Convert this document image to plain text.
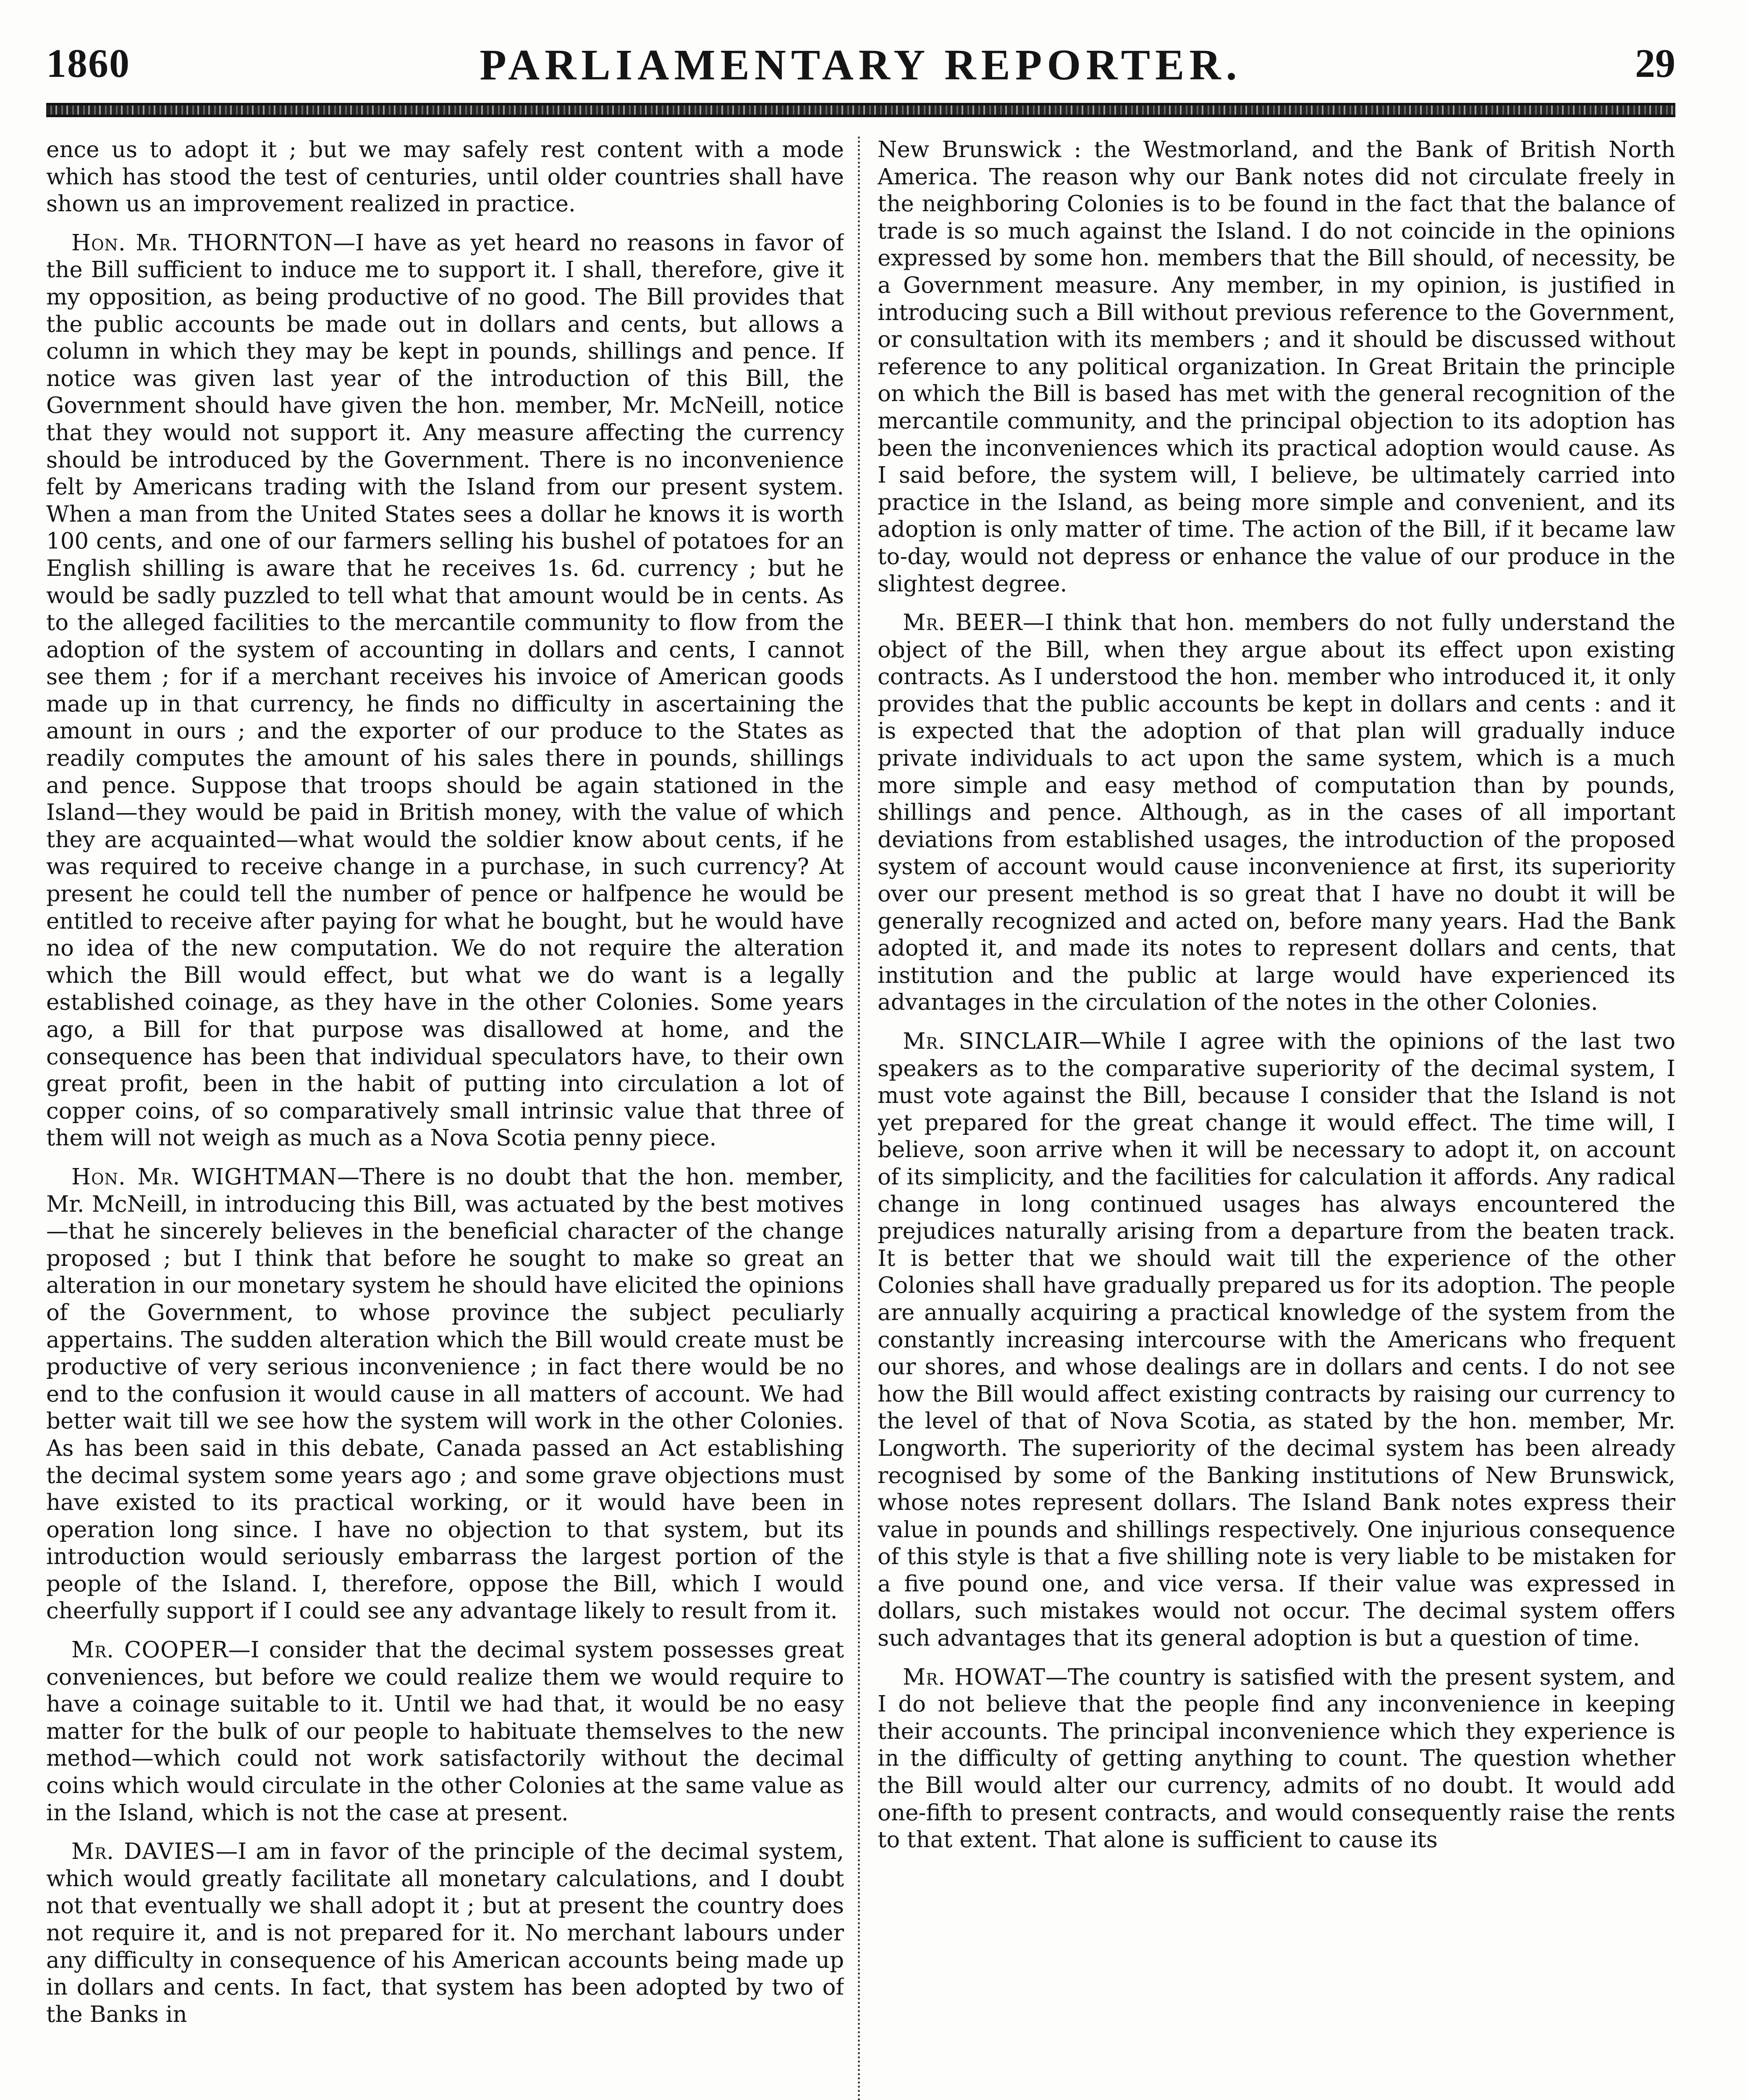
1860	PARLIAMENTARY REPORTER.	29

ence us to adopt it ; but we may safely rest content with a mode which has stood the test of centuries, until older countries shall have shown us an improvement realized in practice.

Hon. Mr. THORNTON—I have as yet heard no reasons in favor of the Bill sufficient to induce me to support it. I shall, therefore, give it my opposition, as being productive of no good. The Bill provides that the public accounts be made out in dollars and cents, but allows a column in which they may be kept in pounds, shillings and pence. If notice was given last year of the introduction of this Bill, the Government should have given the hon. member, Mr. McNeill, notice that they would not support it. Any measure affecting the currency should be introduced by the Government. There is no inconvenience felt by Americans trading with the Island from our present system. When a man from the United States sees a dollar he knows it is worth 100 cents, and one of our farmers selling his bushel of potatoes for an English shilling is aware that he receives 1s. 6d. currency ; but he would be sadly puzzled to tell what that amount would be in cents. As to the alleged facilities to the mercantile community to flow from the adoption of the system of accounting in dollars and cents, I cannot see them ; for if a merchant receives his invoice of American goods made up in that currency, he finds no difficulty in ascertaining the amount in ours ; and the exporter of our produce to the States as readily computes the amount of his sales there in pounds, shillings and pence. Suppose that troops should be again stationed in the Island—they would be paid in British money, with the value of which they are acquainted—what would the soldier know about cents, if he was required to receive change in a purchase, in such currency? At present he could tell the number of pence or halfpence he would be entitled to receive after paying for what he bought, but he would have no idea of the new computation. We do not require the alteration which the Bill would effect, but what we do want is a legally established coinage, as they have in the other Colonies. Some years ago, a Bill for that purpose was disallowed at home, and the consequence has been that individual speculators have, to their own great profit, been in the habit of putting into circulation a lot of copper coins, of so comparatively small intrinsic value that three of them will not weigh as much as a Nova Scotia penny piece.

Hon. Mr. WIGHTMAN—There is no doubt that the hon. member, Mr. McNeill, in introducing this Bill, was actuated by the best motives—that he sincerely believes in the beneficial character of the change proposed ; but I think that before he sought to make so great an alteration in our monetary system he should have elicited the opinions of the Government, to whose province the subject peculiarly appertains. The sudden alteration which the Bill would create must be productive of very serious inconvenience ; in fact there would be no end to the confusion it would cause in all matters of account. We had better wait till we see how the system will work in the other Colonies. As has been said in this debate, Canada passed an Act establishing the decimal system some years ago ; and some grave objections must have existed to its practical working, or it would have been in operation long since. I have no objection to that system, but its introduction would seriously embarrass the largest portion of the people of the Island. I, therefore, oppose the Bill, which I would cheerfully support if I could see any advantage likely to result from it.

Mr. COOPER—I consider that the decimal system possesses great conveniences, but before we could realize them we would require to have a coinage suitable to it. Until we had that, it would be no easy matter for the bulk of our people to habituate themselves to the new method—which could not work satisfactorily without the decimal coins which would circulate in the other Colonies at the same value as in the Island, which is not the case at present.

Mr. DAVIES—I am in favor of the principle of the decimal system, which would greatly facilitate all monetary calculations, and I doubt not that eventually we shall adopt it ; but at present the country does not require it, and is not prepared for it. No merchant labours under any difficulty in consequence of his American accounts being made up in dollars and cents. In fact, that system has been adopted by two of the Banks in

New Brunswick : the Westmorland, and the Bank of British North America. The reason why our Bank notes did not circulate freely in the neighboring Colonies is to be found in the fact that the balance of trade is so much against the Island. I do not coincide in the opinions expressed by some hon. members that the Bill should, of necessity, be a Government measure. Any member, in my opinion, is justified in introducing such a Bill without previous reference to the Government, or consultation with its members ; and it should be discussed without reference to any political organization. In Great Britain the principle on which the Bill is based has met with the general recognition of the mercantile community, and the principal objection to its adoption has been the inconveniences which its practical adoption would cause. As I said before, the system will, I believe, be ultimately carried into practice in the Island, as being more simple and convenient, and its adoption is only matter of time. The action of the Bill, if it became law to-day, would not depress or enhance the value of our produce in the slightest degree.

Mr. BEER—I think that hon. members do not fully understand the object of the Bill, when they argue about its effect upon existing contracts. As I understood the hon. member who introduced it, it only provides that the public accounts be kept in dollars and cents : and it is expected that the adoption of that plan will gradually induce private individuals to act upon the same system, which is a much more simple and easy method of computation than by pounds, shillings and pence. Although, as in the cases of all important deviations from established usages, the introduction of the proposed system of account would cause inconvenience at first, its superiority over our present method is so great that I have no doubt it will be generally recognized and acted on, before many years. Had the Bank adopted it, and made its notes to represent dollars and cents, that institution and the public at large would have experienced its advantages in the circulation of the notes in the other Colonies.

Mr. SINCLAIR—While I agree with the opinions of the last two speakers as to the comparative superiority of the decimal system, I must vote against the Bill, because I consider that the Island is not yet prepared for the great change it would effect. The time will, I believe, soon arrive when it will be necessary to adopt it, on account of its simplicity, and the facilities for calculation it affords. Any radical change in long continued usages has always encountered the prejudices naturally arising from a departure from the beaten track. It is better that we should wait till the experience of the other Colonies shall have gradually prepared us for its adoption. The people are annually acquiring a practical knowledge of the system from the constantly increasing intercourse with the Americans who frequent our shores, and whose dealings are in dollars and cents. I do not see how the Bill would affect existing contracts by raising our currency to the level of that of Nova Scotia, as stated by the hon. member, Mr. Longworth. The superiority of the decimal system has been already recognised by some of the Banking institutions of New Brunswick, whose notes represent dollars. The Island Bank notes express their value in pounds and shillings respectively. One injurious consequence of this style is that a five shilling note is very liable to be mistaken for a five pound one, and vice versa. If their value was expressed in dollars, such mistakes would not occur. The decimal system offers such advantages that its general adoption is but a question of time.

Mr. HOWAT—The country is satisfied with the present system, and I do not believe that the people find any inconvenience in keeping their accounts. The principal inconvenience which they experience is in the difficulty of getting anything to count. The question whether the Bill would alter our currency, admits of no doubt. It would add one-fifth to present contracts, and would consequently raise the rents to that extent. That alone is sufficient to cause its
